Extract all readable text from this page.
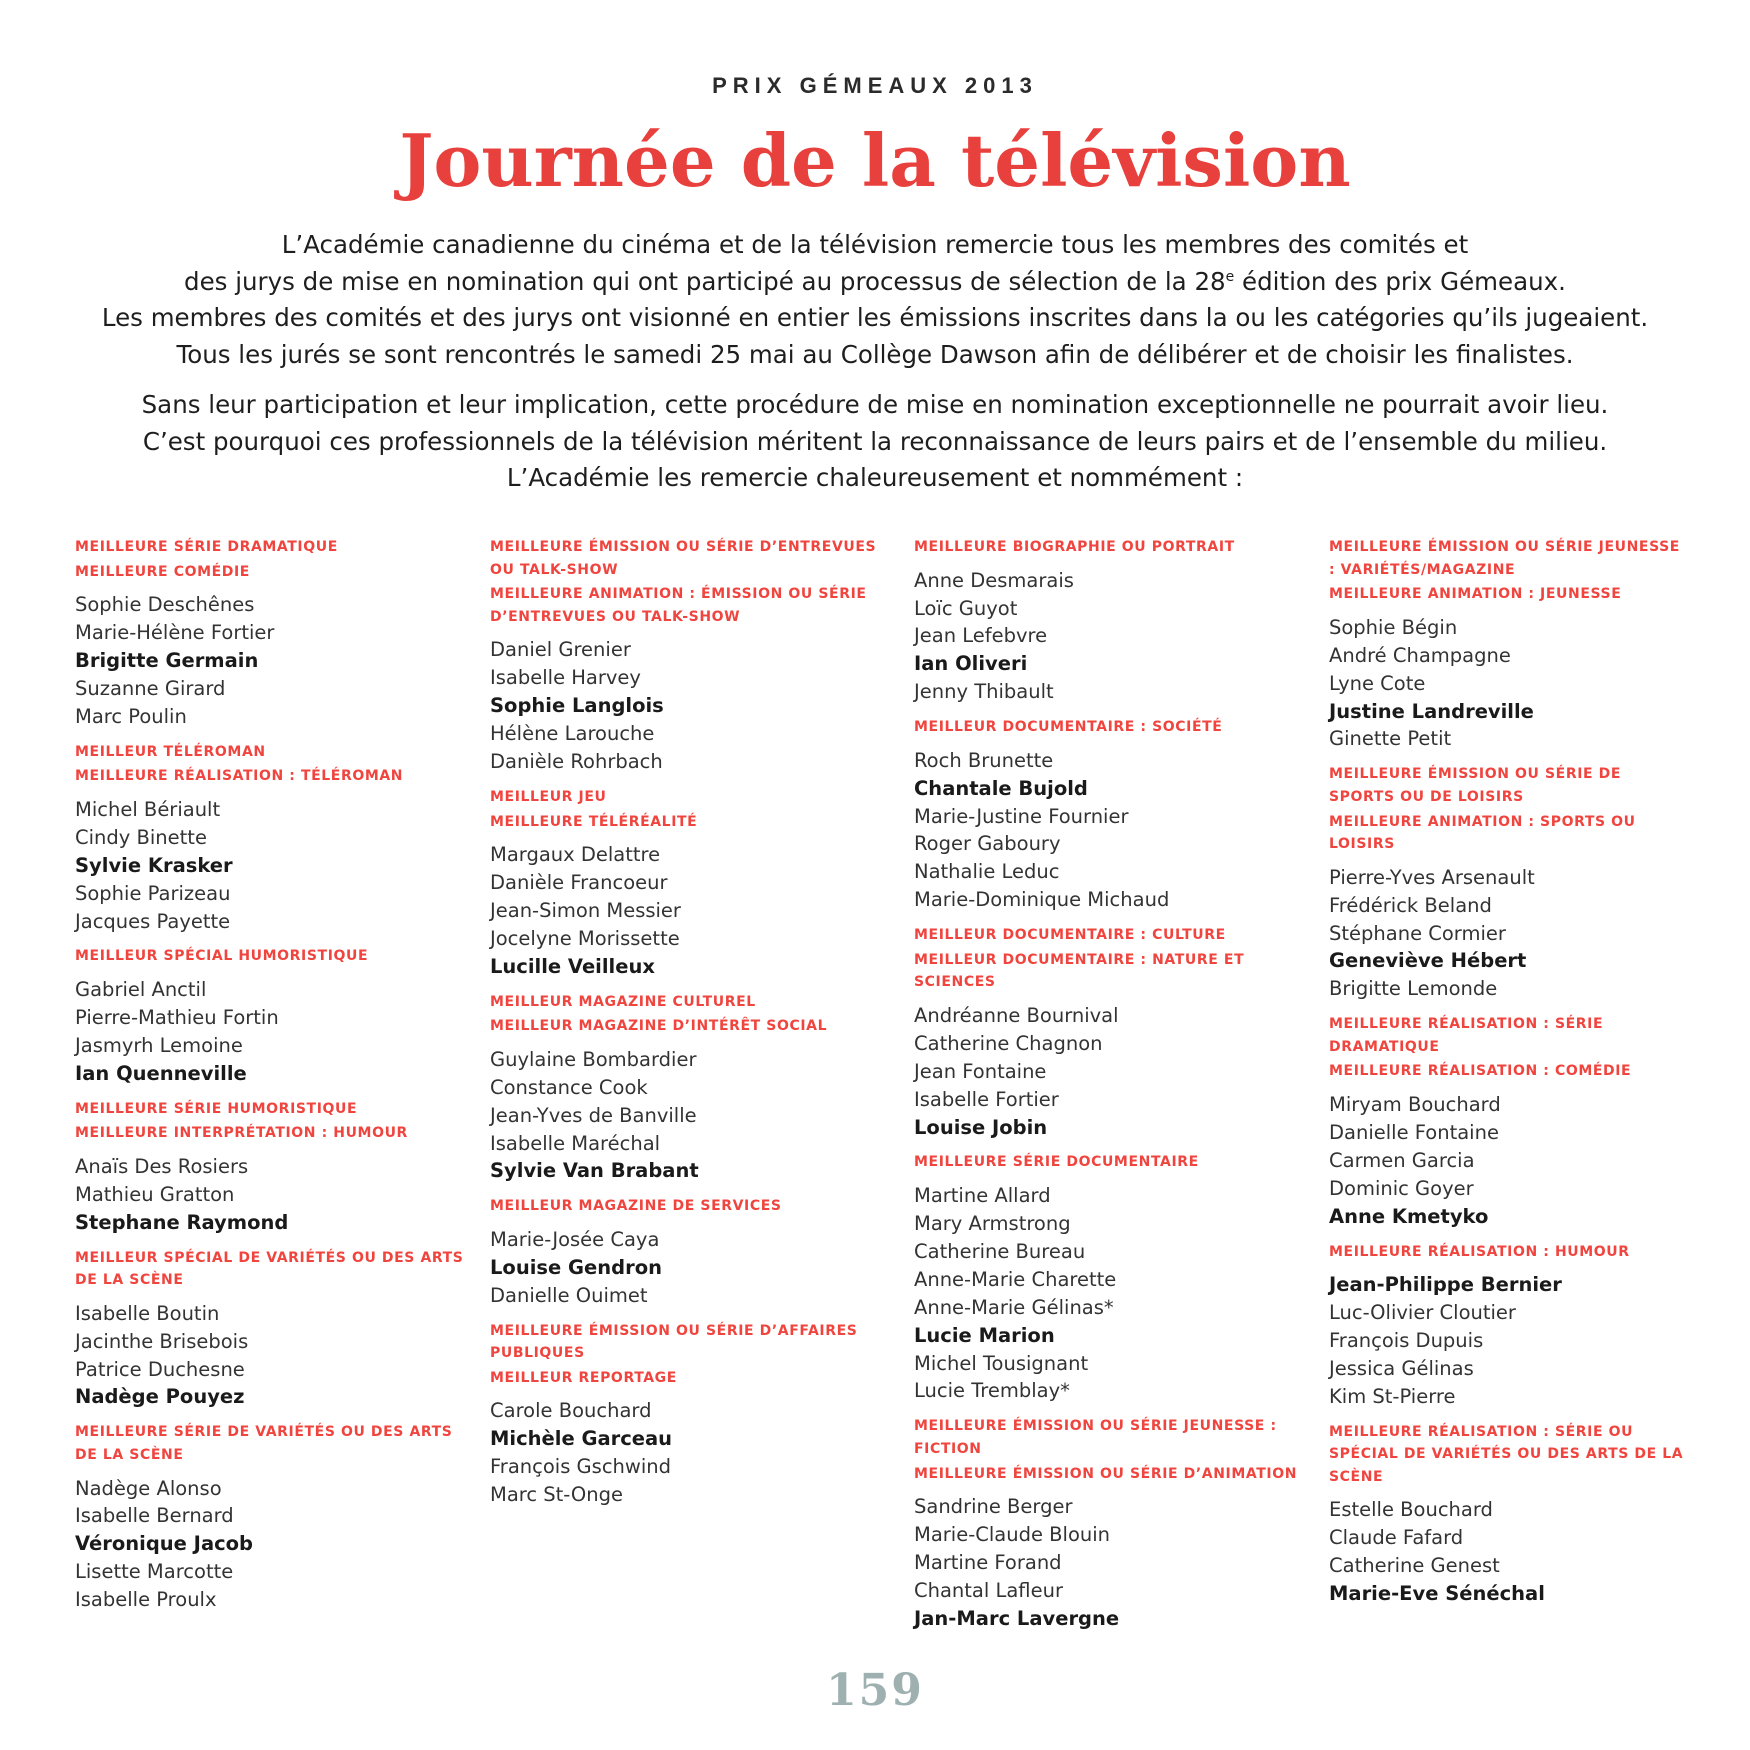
PRIX GÉMEAUX 2013
Journée de la télévision
L’Académie canadienne du cinéma et de la télévision remercie tous les membres des comités et
des jurys de mise en nomination qui ont participé au processus de sélection de la 28e édition des prix Gémeaux.
Les membres des comités et des jurys ont visionné en entier les émissions inscrites dans la ou les catégories qu’ils jugeaient.
Tous les jurés se sont rencontrés le samedi 25 mai au Collège Dawson afin de délibérer et de choisir les finalistes.
Sans leur participation et leur implication, cette procédure de mise en nomination exceptionnelle ne pourrait avoir lieu.
C’est pourquoi ces professionnels de la télévision méritent la reconnaissance de leurs pairs et de l’ensemble du milieu.
L’Académie les remercie chaleureusement et nommément :
MEILLEURE SÉRIE DRAMATIQUE
MEILLEURE COMÉDIE
Sophie Deschênes
Marie-Hélène Fortier
Brigitte Germain
Suzanne Girard
Marc Poulin
MEILLEUR TÉLÉROMAN
MEILLEURE RÉALISATION : TÉLÉROMAN
Michel Bériault
Cindy Binette
Sylvie Krasker
Sophie Parizeau
Jacques Payette
MEILLEUR SPÉCIAL HUMORISTIQUE
Gabriel Anctil
Pierre-Mathieu Fortin
Jasmyrh Lemoine
Ian Quenneville
MEILLEURE SÉRIE HUMORISTIQUE
MEILLEURE INTERPRÉTATION : HUMOUR
Anaïs Des Rosiers
Mathieu Gratton
Stephane Raymond
MEILLEUR SPÉCIAL DE VARIÉTÉS OU DES ARTS DE LA SCÈNE
Isabelle Boutin
Jacinthe Brisebois
Patrice Duchesne
Nadège Pouyez
MEILLEURE SÉRIE DE VARIÉTÉS OU DES ARTS DE LA SCÈNE
Nadège Alonso
Isabelle Bernard
Véronique Jacob
Lisette Marcotte
Isabelle Proulx
MEILLEURE ÉMISSION OU SÉRIE D’ENTREVUES OU TALK-SHOW
MEILLEURE ANIMATION : ÉMISSION OU SÉRIE D’ENTREVUES OU TALK-SHOW
Daniel Grenier
Isabelle Harvey
Sophie Langlois
Hélène Larouche
Danièle Rohrbach
MEILLEUR JEU
MEILLEURE TÉLÉRÉALITÉ
Margaux Delattre
Danièle Francoeur
Jean-Simon Messier
Jocelyne Morissette
Lucille Veilleux
MEILLEUR MAGAZINE CULTUREL
MEILLEUR MAGAZINE D’INTÉRÊT SOCIAL
Guylaine Bombardier
Constance Cook
Jean-Yves de Banville
Isabelle Maréchal
Sylvie Van Brabant
MEILLEUR MAGAZINE DE SERVICES
Marie-Josée Caya
Louise Gendron
Danielle Ouimet
MEILLEURE ÉMISSION OU SÉRIE D’AFFAIRES PUBLIQUES
MEILLEUR REPORTAGE
Carole Bouchard
Michèle Garceau
François Gschwind
Marc St-Onge
MEILLEURE BIOGRAPHIE OU PORTRAIT
Anne Desmarais
Loïc Guyot
Jean Lefebvre
Ian Oliveri
Jenny Thibault
MEILLEUR DOCUMENTAIRE : SOCIÉTÉ
Roch Brunette
Chantale Bujold
Marie-Justine Fournier
Roger Gaboury
Nathalie Leduc
Marie-Dominique Michaud
MEILLEUR DOCUMENTAIRE : CULTURE
MEILLEUR DOCUMENTAIRE : NATURE ET SCIENCES
Andréanne Bournival
Catherine Chagnon
Jean Fontaine
Isabelle Fortier
Louise Jobin
MEILLEURE SÉRIE DOCUMENTAIRE
Martine Allard
Mary Armstrong
Catherine Bureau
Anne-Marie Charette
Anne-Marie Gélinas*
Lucie Marion
Michel Tousignant
Lucie Tremblay*
MEILLEURE ÉMISSION OU SÉRIE JEUNESSE : FICTION
MEILLEURE ÉMISSION OU SÉRIE D’ANIMATION
Sandrine Berger
Marie-Claude Blouin
Martine Forand
Chantal Lafleur
Jan-Marc Lavergne
MEILLEURE ÉMISSION OU SÉRIE JEUNESSE : VARIÉTÉS/MAGAZINE
MEILLEURE ANIMATION : JEUNESSE
Sophie Bégin
André Champagne
Lyne Cote
Justine Landreville
Ginette Petit
MEILLEURE ÉMISSION OU SÉRIE DE SPORTS OU DE LOISIRS
MEILLEURE ANIMATION : SPORTS OU LOISIRS
Pierre-Yves Arsenault
Frédérick Beland
Stéphane Cormier
Geneviève Hébert
Brigitte Lemonde
MEILLEURE RÉALISATION : SÉRIE DRAMATIQUE
MEILLEURE RÉALISATION : COMÉDIE
Miryam Bouchard
Danielle Fontaine
Carmen Garcia
Dominic Goyer
Anne Kmetyko
MEILLEURE RÉALISATION : HUMOUR
Jean-Philippe Bernier
Luc-Olivier Cloutier
François Dupuis
Jessica Gélinas
Kim St-Pierre
MEILLEURE RÉALISATION : SÉRIE OU SPÉCIAL DE VARIÉTÉS OU DES ARTS DE LA SCÈNE
Estelle Bouchard
Claude Fafard
Catherine Genest
Marie-Eve Sénéchal
159
